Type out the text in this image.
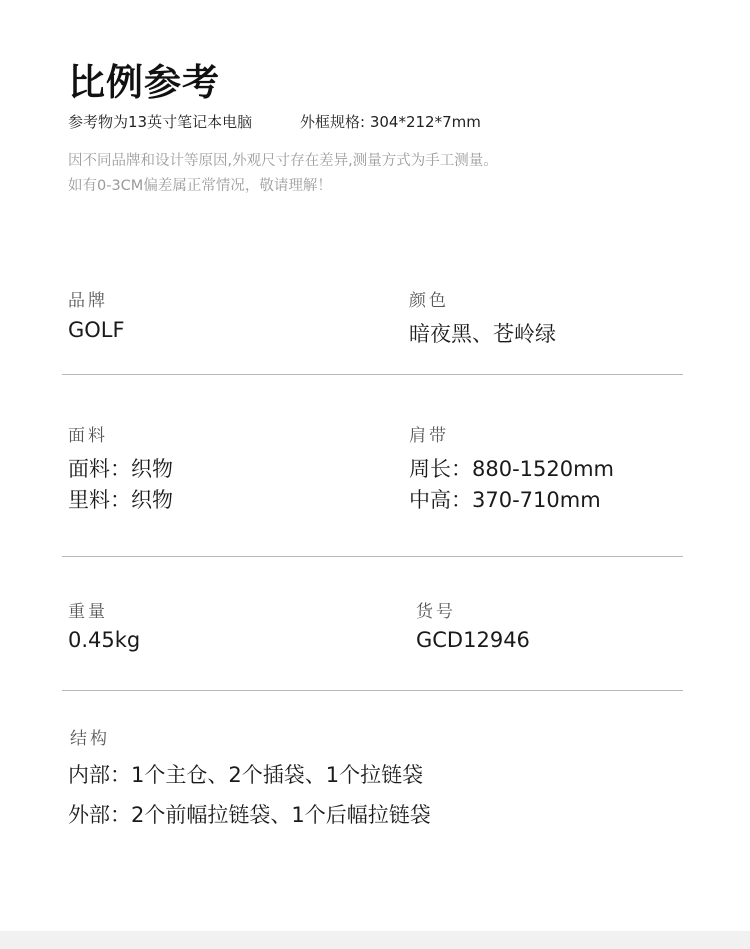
比例参考
参考物为13英寸笔记本电脑	外框规格: 304*212*7mm
因不同品牌和设计等原因,外观尺寸存在差异,测量方式为手工测量。
如有0-3CM偏差属正常情况，敬请理解！
品牌
GOLF
颜色
暗夜黑、苍岭绿
面料
面料：织物
里料：织物
肩带
周长：880-1520mm
中高：370-710mm
重量
0.45kg
货号
GCD12946
结构
内部：1个主仓、2个插袋、1个拉链袋
外部：2个前幅拉链袋、1个后幅拉链袋
